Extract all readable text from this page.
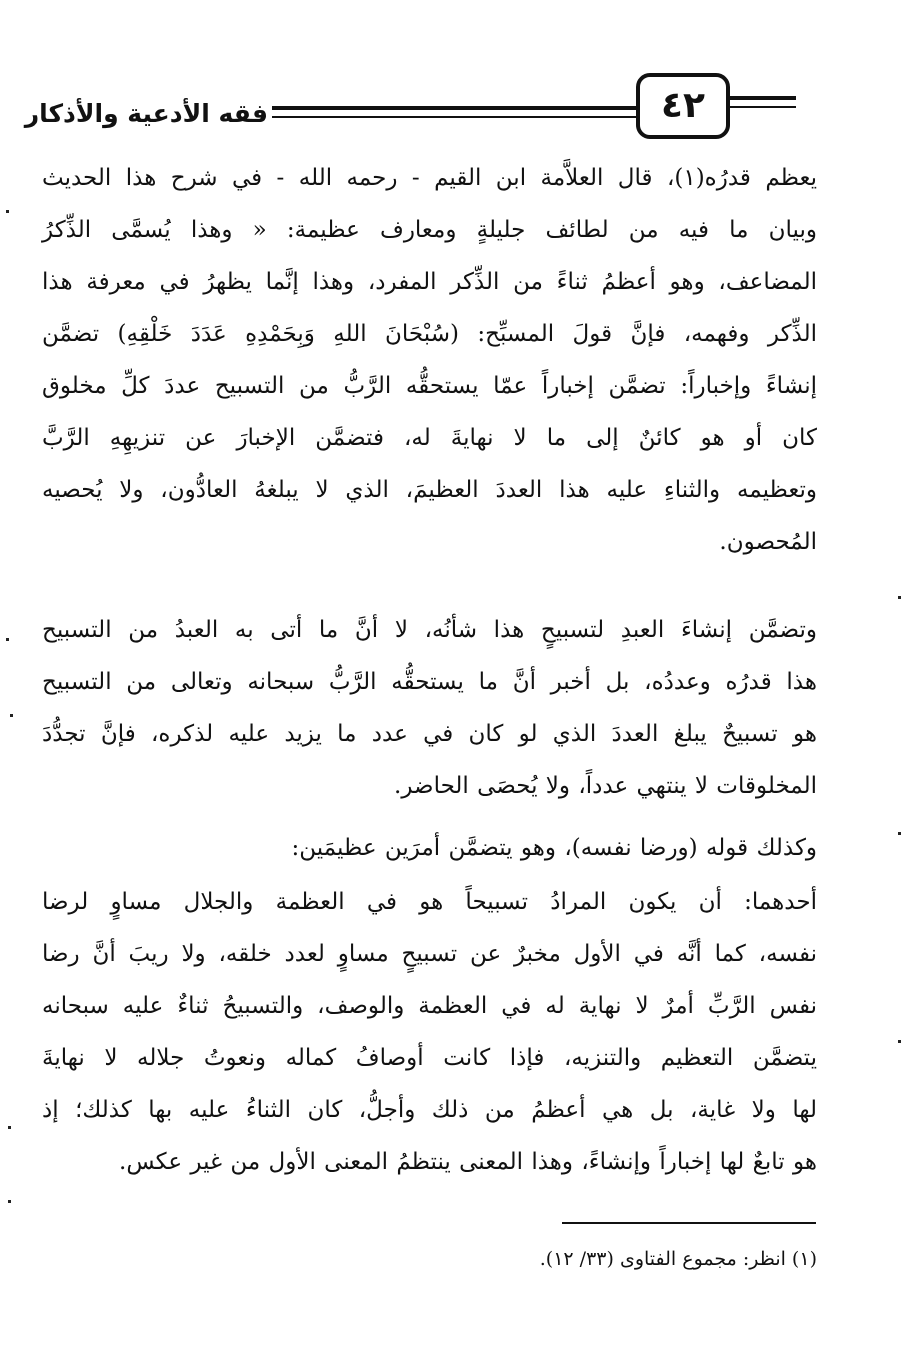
فقه الأدعية والأذكار	٤٢
يعظم قدرُه(١)، قال العلاَّمة ابن القيم - رحمه الله - في شرح هذا الحديث
وبيان ما فيه من لطائف جليلةٍ ومعارف عظيمة: « وهذا يُسمَّى الذِّكرُ
المضاعف، وهو أعظمُ ثناءً من الذِّكر المفرد، وهذا إنَّما يظهرُ في معرفة هذا
الذِّكر وفهمه، فإنَّ قولَ المسبِّح: (سُبْحَانَ اللهِ وَبِحَمْدِهِ عَدَدَ خَلْقِهِ) تضمَّن
إنشاءً وإخباراً: تضمَّن إخباراً عمّا يستحقُّه الرَّبُّ من التسبيح عددَ كلِّ مخلوق
كان أو هو كائنٌ إلى ما لا نهايةَ له، فتضمَّن الإخبارَ عن تنزيهِهِ الرَّبَّ
وتعظيمه والثناءِ عليه هذا العددَ العظيمَ، الذي لا يبلغهُ العادُّون، ولا يُحصيه
المُحصون.
وتضمَّن إنشاءَ العبدِ لتسبيحٍ هذا شأنُه، لا أنَّ ما أتى به العبدُ من التسبيح
هذا قدرُه وعددُه، بل أخبر أنَّ ما يستحقُّه الرَّبُّ سبحانه وتعالى من التسبيح
هو تسبيحٌ يبلغ العددَ الذي لو كان في عدد ما يزيد عليه لذكره، فإنَّ تجدُّدَ
المخلوقات لا ينتهي عدداً، ولا يُحصَى الحاضر.
وكذلك قوله (ورضا نفسه)، وهو يتضمَّن أمرَين عظيمَين:
أحدهما: أن يكون المرادُ تسبيحاً هو في العظمة والجلال مساوٍ لرضا
نفسه، كما أنَّه في الأول مخبرٌ عن تسبيحٍ مساوٍ لعدد خلقه، ولا ريبَ أنَّ رضا
نفس الرَّبِّ أمرٌ لا نهاية له في العظمة والوصف، والتسبيحُ ثناءٌ عليه سبحانه
يتضمَّن التعظيم والتنزيه، فإذا كانت أوصافُ كماله ونعوتُ جلاله لا نهايةَ
لها ولا غاية، بل هي أعظمُ من ذلك وأجلُّ، كان الثناءُ عليه بها كذلك؛ إذ
هو تابعٌ لها إخباراً وإنشاءً، وهذا المعنى ينتظمُ المعنى الأول من غير عكس.
(١) انظر: مجموع الفتاوى (٣٣/ ١٢).
